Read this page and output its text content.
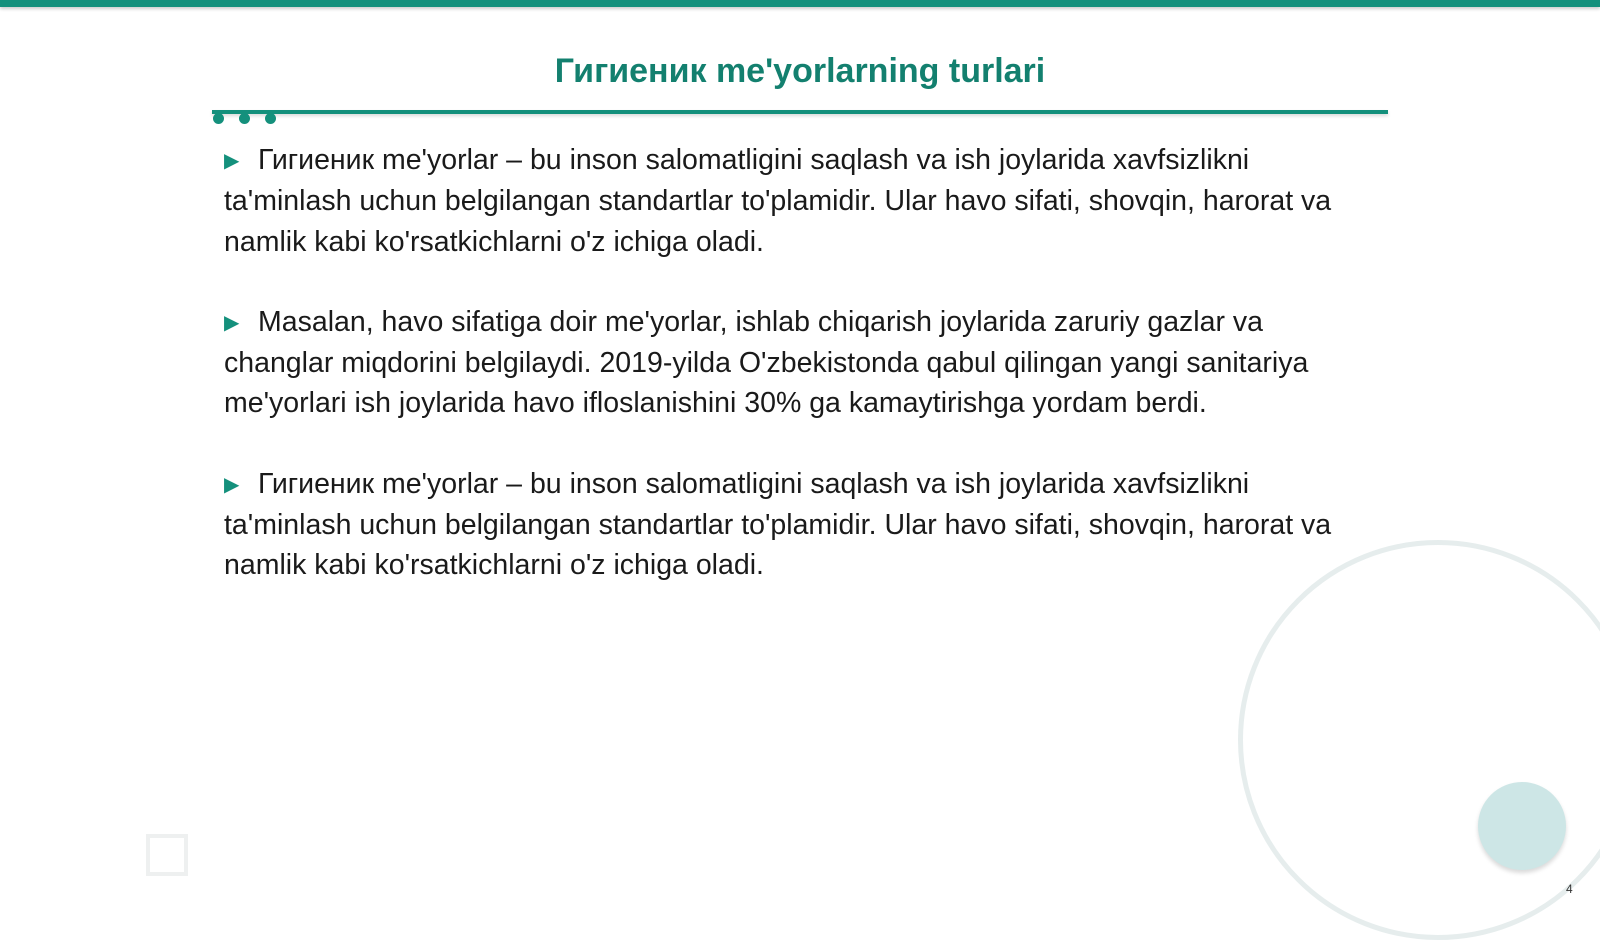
Гигиеник me'yorlarning turlari

▶ Гигиеник me'yorlar – bu inson salomatligini saqlash va ish joylarida xavfsizlikni ta'minlash uchun belgilangan standartlar to'plamidir. Ular havo sifati, shovqin, harorat va namlik kabi ko'rsatkichlarni o'z ichiga oladi.

▶ Masalan, havo sifatiga doir me'yorlar, ishlab chiqarish joylarida zaruriy gazlar va changlar miqdorini belgilaydi. 2019-yilda O'zbekistonda qabul qilingan yangi sanitariya me'yorlari ish joylarida havo ifloslanishini 30% ga kamaytirishga yordam berdi.

▶ Гигиеник me'yorlar – bu inson salomatligini saqlash va ish joylarida xavfsizlikni ta'minlash uchun belgilangan standartlar to'plamidir. Ular havo sifati, shovqin, harorat va namlik kabi ko'rsatkichlarni o'z ichiga oladi.

4
